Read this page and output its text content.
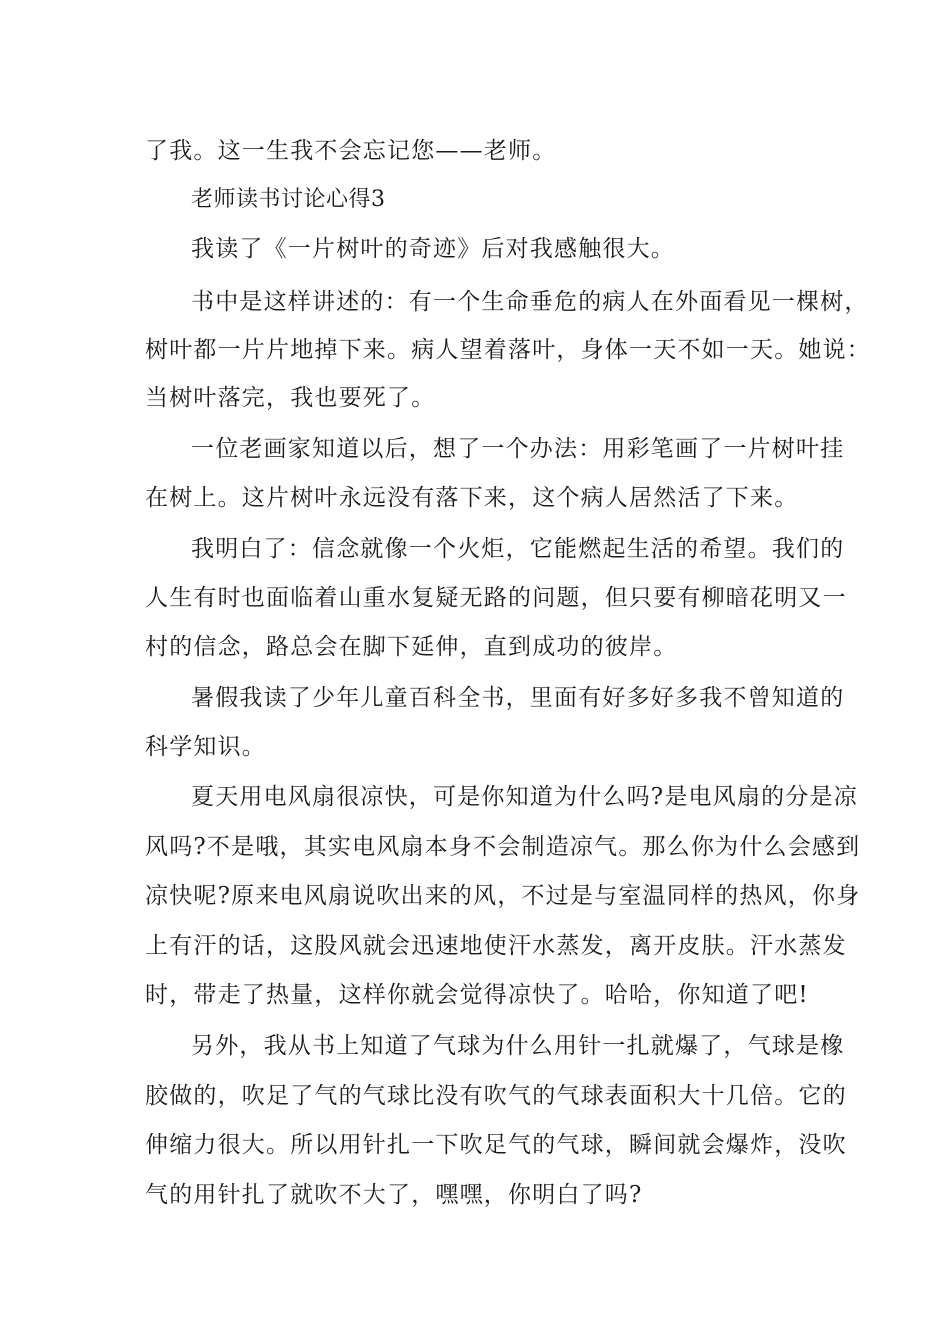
了我。这一生我不会忘记您——老师。

老师读书讨论心得3

我读了《一片树叶的奇迹》后对我感触很大。

书中是这样讲述的：有一个生命垂危的病人在外面看见一棵树，

树叶都一片片地掉下来。病人望着落叶，身体一天不如一天。她说：

当树叶落完，我也要死了。

一位老画家知道以后，想了一个办法：用彩笔画了一片树叶挂

在树上。这片树叶永远没有落下来，这个病人居然活了下来。

我明白了：信念就像一个火炬，它能燃起生活的希望。我们的

人生有时也面临着山重水复疑无路的问题，但只要有柳暗花明又一

村的信念，路总会在脚下延伸，直到成功的彼岸。

暑假我读了少年儿童百科全书，里面有好多好多我不曾知道的

科学知识。

夏天用电风扇很凉快，可是你知道为什么吗?是电风扇的分是凉

风吗?不是哦，其实电风扇本身不会制造凉气。那么你为什么会感到

凉快呢?原来电风扇说吹出来的风，不过是与室温同样的热风，你身

上有汗的话，这股风就会迅速地使汗水蒸发，离开皮肤。汗水蒸发

时，带走了热量，这样你就会觉得凉快了。哈哈，你知道了吧!

另外，我从书上知道了气球为什么用针一扎就爆了，气球是橡

胶做的，吹足了气的气球比没有吹气的气球表面积大十几倍。它的

伸缩力很大。所以用针扎一下吹足气的气球，瞬间就会爆炸，没吹

气的用针扎了就吹不大了，嘿嘿，你明白了吗?
